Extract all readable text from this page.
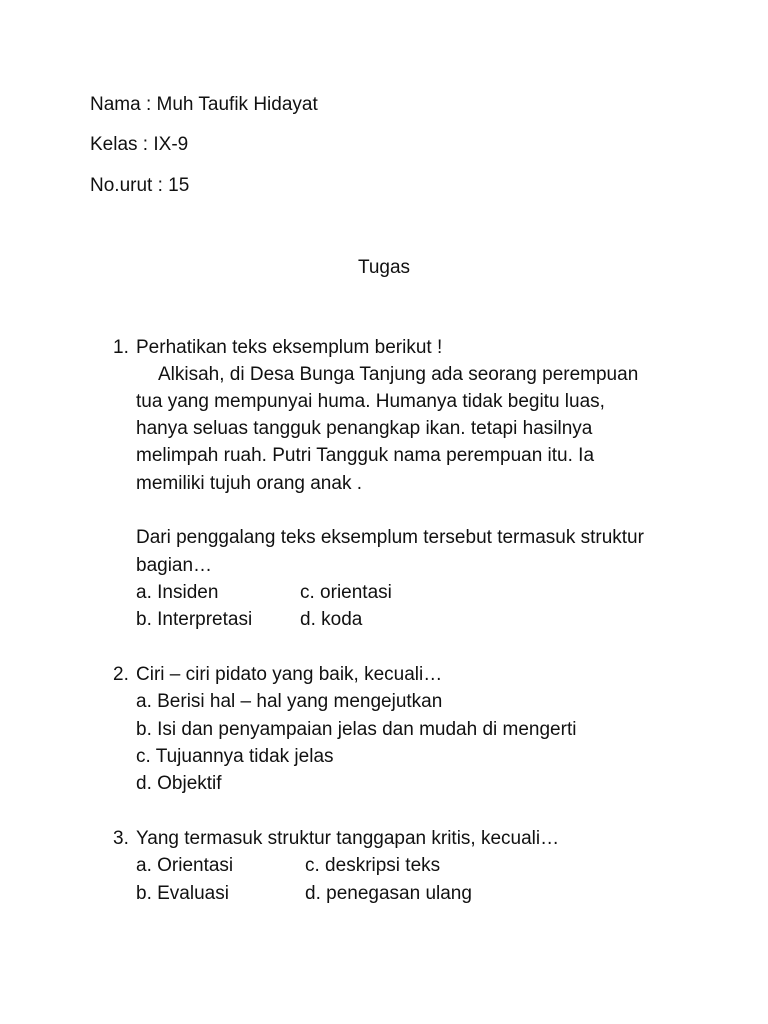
Nama : Muh Taufik Hidayat
Kelas : IX-9
No.urut : 15
Tugas
1. Perhatikan teks eksemplum berikut !
Alkisah, di Desa Bunga Tanjung ada seorang perempuan
tua yang mempunyai huma. Humanya tidak begitu luas,
hanya seluas tangguk penangkap ikan. tetapi hasilnya
melimpah ruah. Putri Tangguk nama perempuan itu. Ia
memiliki tujuh orang anak .
Dari penggalang teks eksemplum tersebut termasuk struktur
bagian…
a. Insiden	c. orientasi
b. Interpretasi	d. koda
2. Ciri – ciri pidato yang baik, kecuali…
a. Berisi hal – hal yang mengejutkan
b. Isi dan penyampaian jelas dan mudah di mengerti
c. Tujuannya tidak jelas
d. Objektif
3. Yang termasuk struktur tanggapan kritis, kecuali…
a. Orientasi	c. deskripsi teks
b. Evaluasi	d. penegasan ulang
